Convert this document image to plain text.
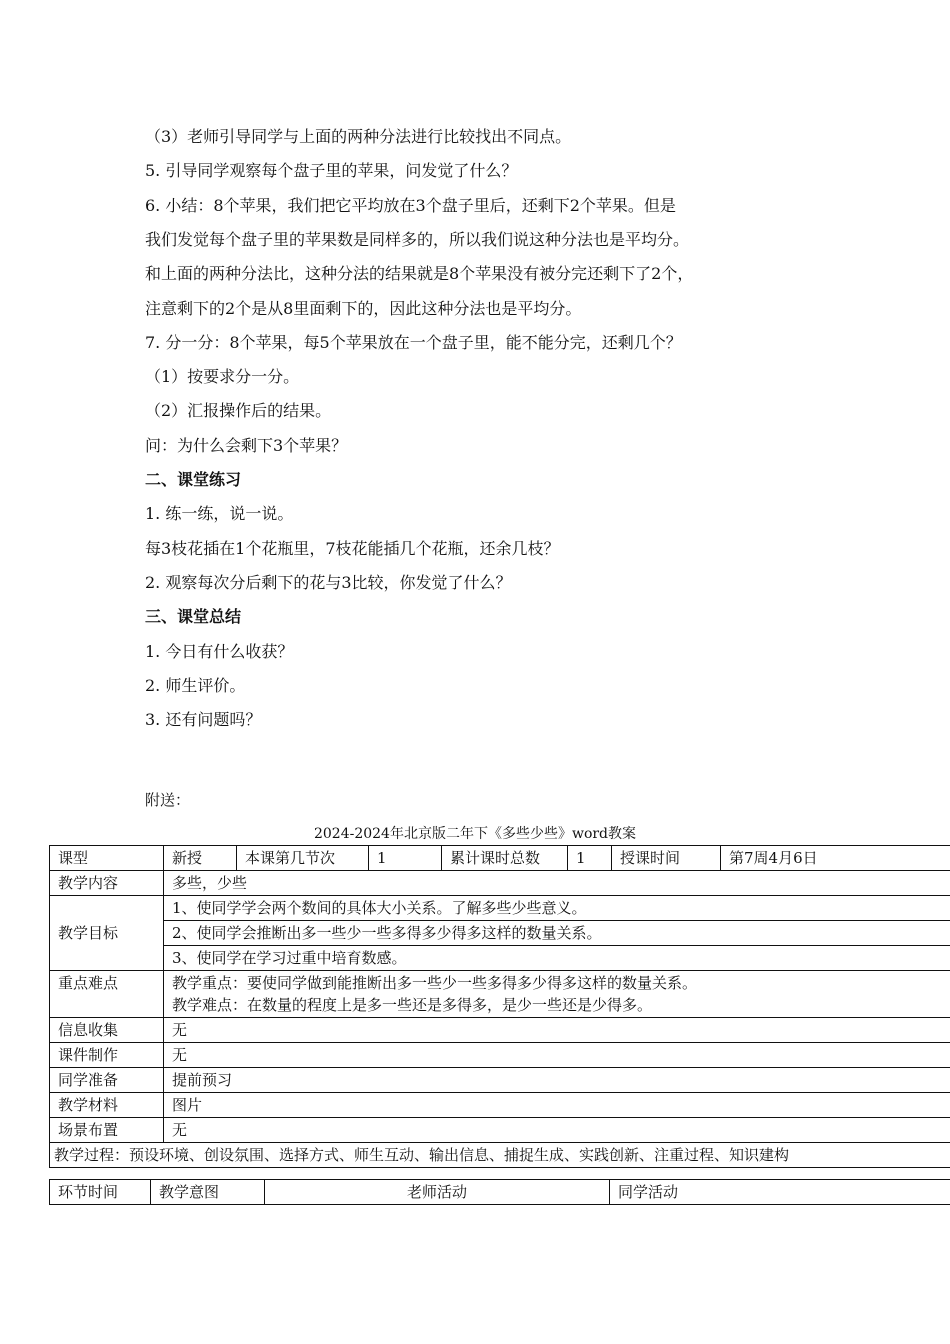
（3）老师引导同学与上面的两种分法进行比较找出不同点。
5. 引导同学观察每个盘子里的苹果，问发觉了什么？
6. 小结：8个苹果，我们把它平均放在3个盘子里后，还剩下2个苹果。但是
我们发觉每个盘子里的苹果数是同样多的，所以我们说这种分法也是平均分。
和上面的两种分法比，这种分法的结果就是8个苹果没有被分完还剩下了2个，
注意剩下的2个是从8里面剩下的，因此这种分法也是平均分。
7. 分一分：8个苹果，每5个苹果放在一个盘子里，能不能分完，还剩几个？
（1）按要求分一分。
（2）汇报操作后的结果。
问：为什么会剩下3个苹果？
二、课堂练习
1. 练一练，说一说。
每3枝花插在1个花瓶里，7枝花能插几个花瓶，还余几枝？
2. 观察每次分后剩下的花与3比较，你发觉了什么？
三、课堂总结
1. 今日有什么收获？
2. 师生评价。
3. 还有问题吗？
附送：
2024-2024年北京版二年下《多些少些》word教案
课型	新授	本课第几节次	1	累计课时总数	1	授课时间	第7周4月6日
教学内容	多些，少些						
教学目标	1、使同学学会两个数间的具体大小关系。了解多些少些意义。						
	2、使同学会推断出多一些少一些多得多少得多这样的数量关系。						
	3、使同学在学习过重中培育数感。						
重点难点	教学重点：要使同学做到能推断出多一些少一些多得多少得多这样的数量关系。
教学难点：在数量的程度上是多一些还是多得多，是少一些还是少得多。						

信息收集	无						
课件制作	无						
同学准备	提前预习						
教学材料	图片						
场景布置	无						
教学过程：预设环境、创设氛围、选择方式、师生互动、输出信息、捕捉生成、实践创新、注重过程、知识建构							
环节时间	教学意图	老师活动	同学活动
